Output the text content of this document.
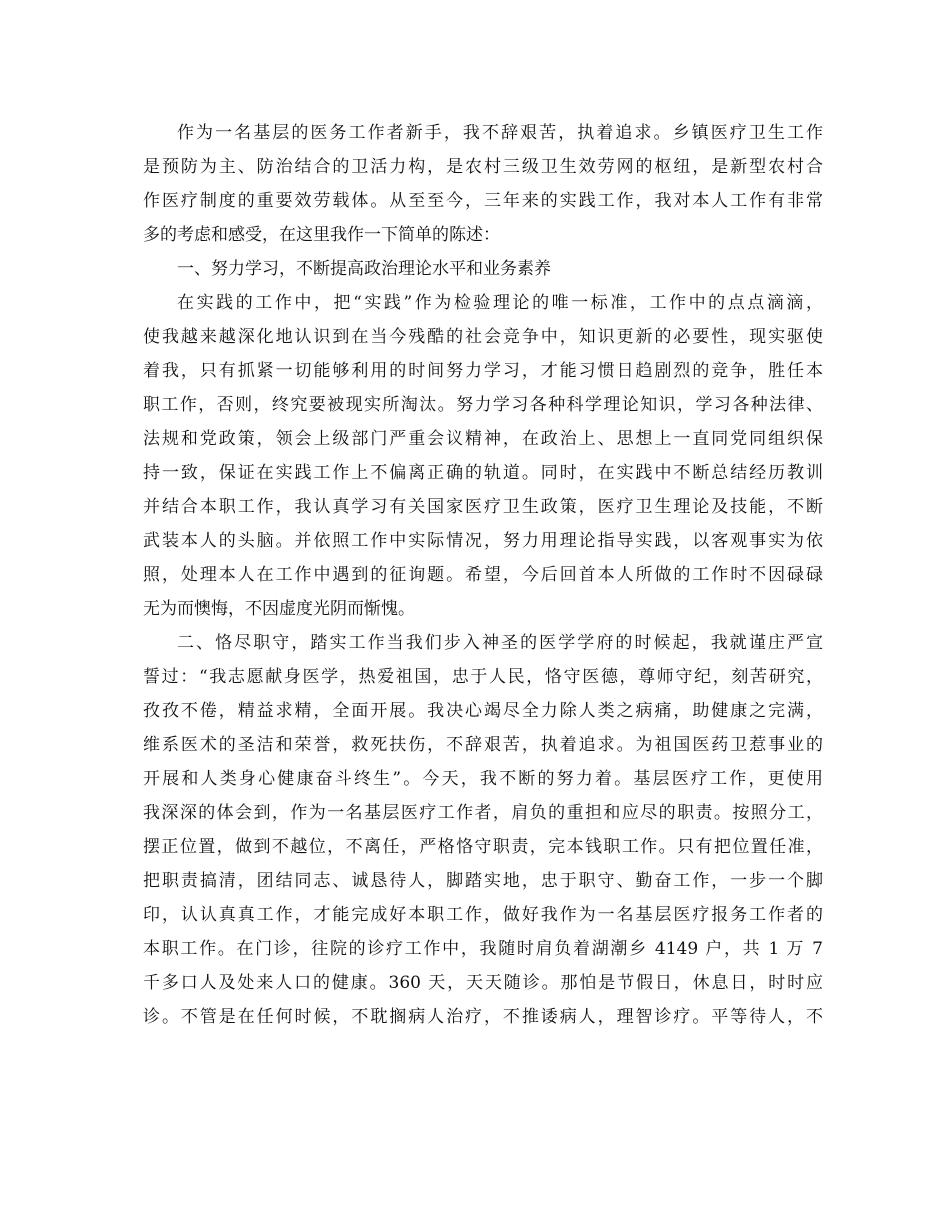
作为一名基层的医务工作者新手，我不辞艰苦，执着追求。乡镇医疗卫生工作
是预防为主、防治结合的卫活力构，是农村三级卫生效劳网的枢纽，是新型农村合
作医疗制度的重要效劳载体。从至至今，三年来的实践工作，我对本人工作有非常
多的考虑和感受，在这里我作一下简单的陈述：
一、努力学习，不断提高政治理论水平和业务素养
在实践的工作中，把“实践”作为检验理论的唯一标准，工作中的点点滴滴，
使我越来越深化地认识到在当今残酷的社会竞争中，知识更新的必要性，现实驱使
着我，只有抓紧一切能够利用的时间努力学习，才能习惯日趋剧烈的竞争，胜任本
职工作，否则，终究要被现实所淘汰。努力学习各种科学理论知识，学习各种法律、
法规和党政策，领会上级部门严重会议精神，在政治上、思想上一直同党同组织保
持一致，保证在实践工作上不偏离正确的轨道。同时，在实践中不断总结经历教训
并结合本职工作，我认真学习有关国家医疗卫生政策，医疗卫生理论及技能，不断
武装本人的头脑。并依照工作中实际情况，努力用理论指导实践，以客观事实为依
照，处理本人在工作中遇到的征询题。希望，今后回首本人所做的工作时不因碌碌
无为而懊悔，不因虚度光阴而惭愧。
二、恪尽职守，踏实工作当我们步入神圣的医学学府的时候起，我就谨庄严宣
誓过：“我志愿献身医学，热爱祖国，忠于人民，恪守医德，尊师守纪，刻苦研究，
孜孜不倦，精益求精，全面开展。我决心竭尽全力除人类之病痛，助健康之完满，
维系医术的圣洁和荣誉，救死扶伤，不辞艰苦，执着追求。为祖国医药卫惹事业的
开展和人类身心健康奋斗终生”。今天，我不断的努力着。基层医疗工作，更使用
我深深的体会到，作为一名基层医疗工作者，肩负的重担和应尽的职责。按照分工，
摆正位置，做到不越位，不离任，严格恪守职责，完本钱职工作。只有把位置任准，
把职责搞清，团结同志、诚恳待人，脚踏实地，忠于职守、勤奋工作，一步一个脚
印，认认真真工作，才能完成好本职工作，做好我作为一名基层医疗报务工作者的
本职工作。在门诊，往院的诊疗工作中，我随时肩负着湖潮乡 4149 户，共 1 万 7
千多口人及处来人口的健康。360 天，天天随诊。那怕是节假日，休息日，时时应
诊。不管是在任何时候，不耽搁病人治疗，不推诿病人，理智诊疗。平等待人，不
